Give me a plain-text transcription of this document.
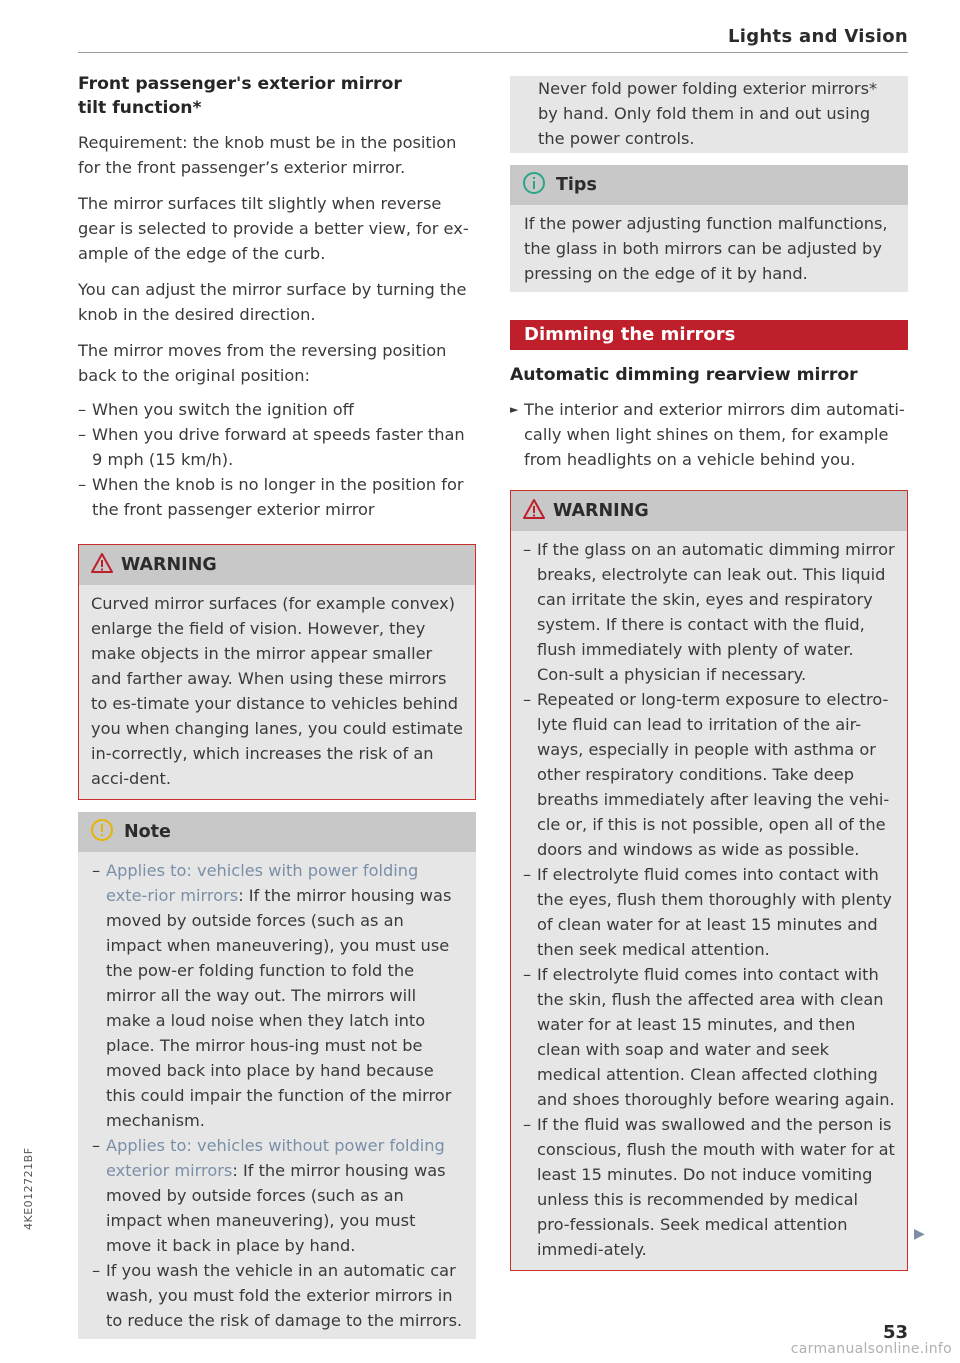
Lights and Vision

Front passenger's exterior mirror tilt function*

Requirement: the knob must be in the position for the front passenger’s exterior mirror.

The mirror surfaces tilt slightly when reverse gear is selected to provide a better view, for ex-ample of the edge of the curb.

You can adjust the mirror surface by turning the knob in the desired direction.

The mirror moves from the reversing position back to the original position:

– When you switch the ignition off
– When you drive forward at speeds faster than 9 mph (15 km/h).
– When the knob is no longer in the position for the front passenger exterior mirror
WARNING

Curved mirror surfaces (for example convex) enlarge the field of vision. However, they make objects in the mirror appear smaller and farther away. When using these mirrors to es-timate your distance to vehicles behind you when changing lanes, you could estimate in-correctly, which increases the risk of an acci-dent.

Note
– Applies to: vehicles with power folding exte-rior mirrors: If the mirror housing was moved by outside forces (such as an impact when maneuvering), you must use the pow-er folding function to fold the mirror all the way out. The mirrors will make a loud noise when they latch into place. The mirror hous-ing must not be moved back into place by hand because this could impair the function of the mirror mechanism.
– Applies to: vehicles without power folding exterior mirrors: If the mirror housing was moved by outside forces (such as an impact when maneuvering), you must move it back in place by hand.
– If you wash the vehicle in an automatic car wash, you must fold the exterior mirrors in to reduce the risk of damage to the mirrors.

Never fold power folding exterior mirrors* by hand. Only fold them in and out using the power controls.

Tips

If the power adjusting function malfunctions, the glass in both mirrors can be adjusted by pressing on the edge of it by hand.

Dimming the mirrors

Automatic dimming rearview mirror

► The interior and exterior mirrors dim automati-cally when light shines on them, for example from headlights on a vehicle behind you.
WARNING
– If the glass on an automatic dimming mirror breaks, electrolyte can leak out. This liquid can irritate the skin, eyes and respiratory system. If there is contact with the fluid, flush immediately with plenty of water. Con-sult a physician if necessary.
– Repeated or long-term exposure to electro-lyte fluid can lead to irritation of the air-ways, especially in people with asthma or other respiratory conditions. Take deep breaths immediately after leaving the vehi-cle or, if this is not possible, open all of the doors and windows as wide as possible.
– If electrolyte fluid comes into contact with the eyes, flush them thoroughly with plenty of clean water for at least 15 minutes and then seek medical attention.
– If electrolyte fluid comes into contact with the skin, flush the affected area with clean water for at least 15 minutes, and then clean with soap and water and seek medical attention. Clean affected clothing and shoes thoroughly before wearing again.
– If the fluid was swallowed and the person is conscious, flush the mouth with water for at least 15 minutes. Do not induce vomiting unless this is recommended by medical pro-fessionals. Seek medical attention immedi-ately.
▶
4KE012721BF
53
carmanualsonline.info
